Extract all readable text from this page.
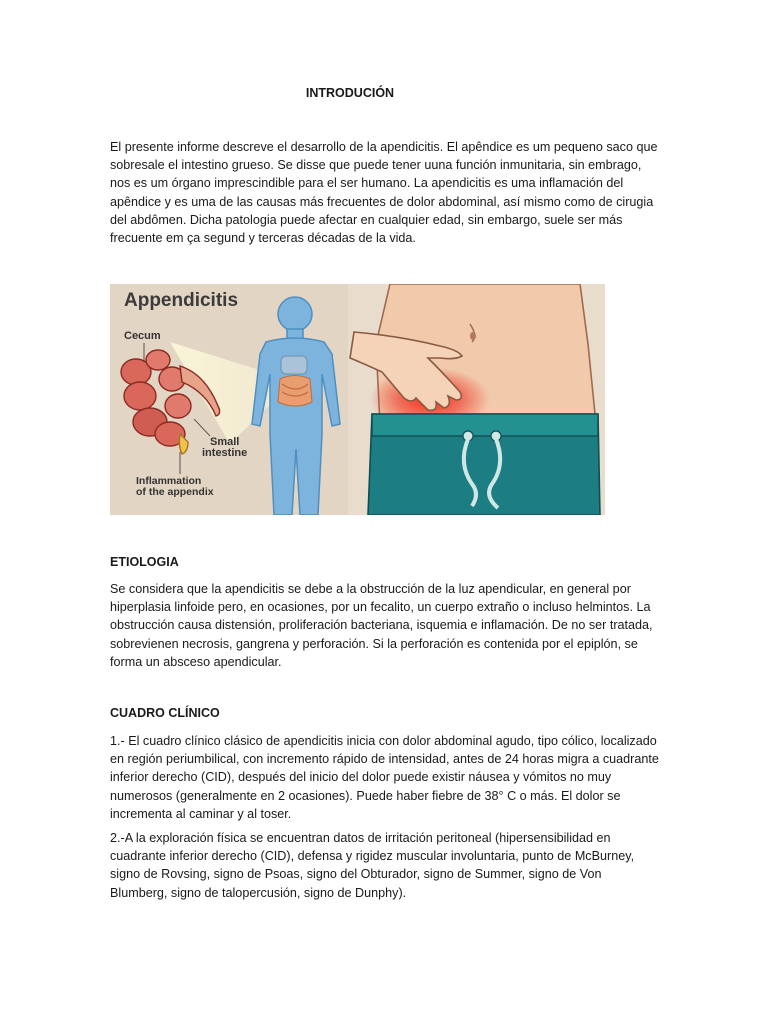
INTRODUCIÓN

El presente informe descreve el desarrollo de la apendicitis. El apêndice es um pequeno saco que sobresale el intestino grueso. Se disse que puede tener uuna función inmunitaria, sin embrago, nos es um órgano imprescindible para el ser humano. La apendicitis es uma inflamación del apêndice y es uma de las causas más frecuentes de dolor abdominal, así mismo como de cirugia del abdômen. Dicha patologia puede afectar en cualquier edad, sin embargo, suele ser más frecuente em ça segund y terceras décadas de la vida.

Appendicitis
Cecum
Small
intestine
Inflammation
of the appendix
ETIOLOGIA

Se considera que la apendicitis se debe a la obstrucción de la luz apendicular, en general por hiperplasia linfoide pero, en ocasiones, por un fecalito, un cuerpo extraño o incluso helmintos. La obstrucción causa distensión, proliferación bacteriana, isquemia e inflamación. De no ser tratada, sobrevienen necrosis, gangrena y perforación. Si la perforación es contenida por el epiplón, se forma un absceso apendicular.

CUADRO CLÍNICO

1.- El cuadro clínico clásico de apendicitis inicia con dolor abdominal agudo, tipo cólico, localizado en región periumbilical, con incremento rápido de intensidad, antes de 24 horas migra a cuadrante inferior derecho (CID), después del inicio del dolor puede existir náusea y vómitos no muy numerosos (generalmente en 2 ocasiones). Puede haber fiebre de 38° C o más. El dolor se incrementa al caminar y al toser.

2.-A la exploración física se encuentran datos de irritación peritoneal (hipersensibilidad en cuadrante inferior derecho (CID), defensa y rigidez muscular involuntaria, punto de McBurney, signo de Rovsing, signo de Psoas, signo del Obturador, signo de Summer, signo de Von Blumberg, signo de talopercusión, signo de Dunphy).
